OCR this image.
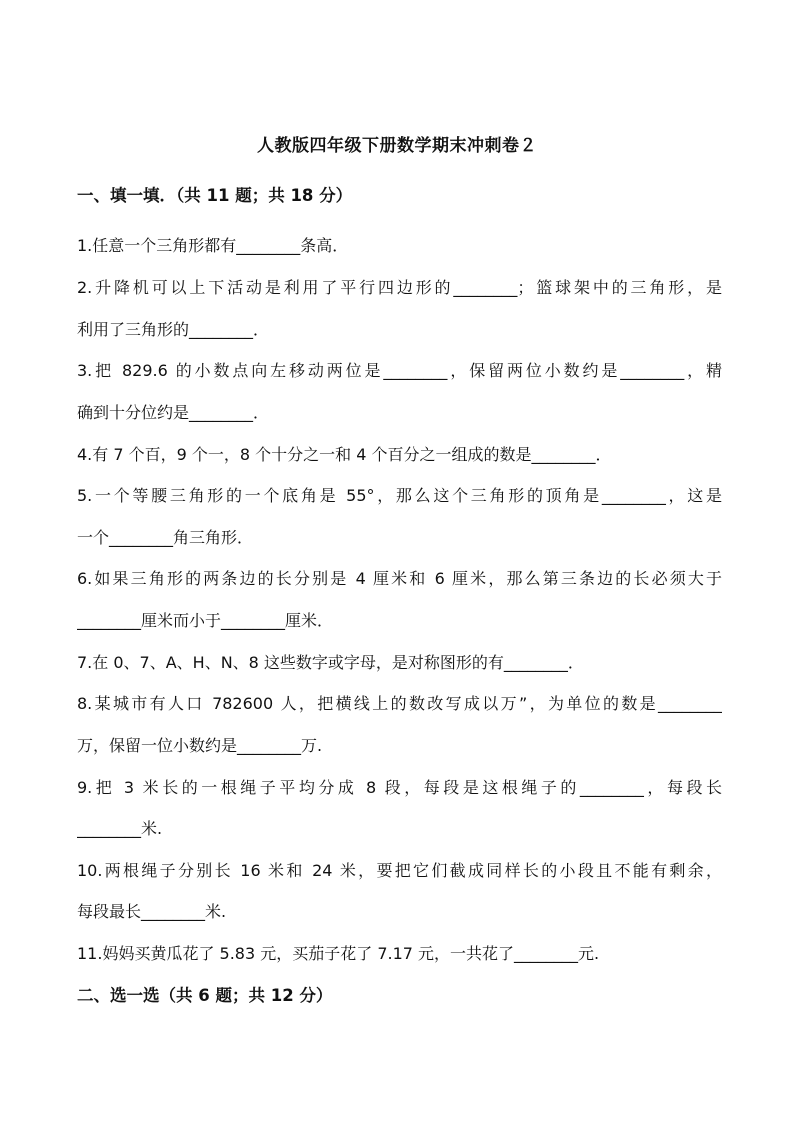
人教版四年级下册数学期末冲刺卷２
一、填一填．（共 11 题；共 18 分）
1.任意一个三角形都有________条高．
2.升降机可以上下活动是利用了平行四边形的________；篮球架中的三角形，是
利用了三角形的________．
3.把 829.6 的小数点向左移动两位是________，保留两位小数约是________，精
确到十分位约是________．
4.有 7 个百，9 个一，8 个十分之一和 4 个百分之一组成的数是________．
5.一个等腰三角形的一个底角是 55°，那么这个三角形的顶角是________，这是
一个________角三角形．
6.如果三角形的两条边的长分别是 4 厘米和 6 厘米，那么第三条边的长必须大于
________厘米而小于________厘米．
7.在 0、7、A、H、N、8 这些数字或字母，是对称图形的有________．
8.某城市有人口 782600 人，把横线上的数改写成以万”，为单位的数是________
万，保留一位小数约是________万.
9.把 3 米长的一根绳子平均分成 8 段，每段是这根绳子的________，每段长
________米.
10.两根绳子分别长 16 米和 24 米，要把它们截成同样长的小段且不能有剩余，
每段最长________米.
11.妈妈买黄瓜花了 5.83 元，买茄子花了 7.17 元，一共花了________元.
二、选一选（共 6 题；共 12 分）
